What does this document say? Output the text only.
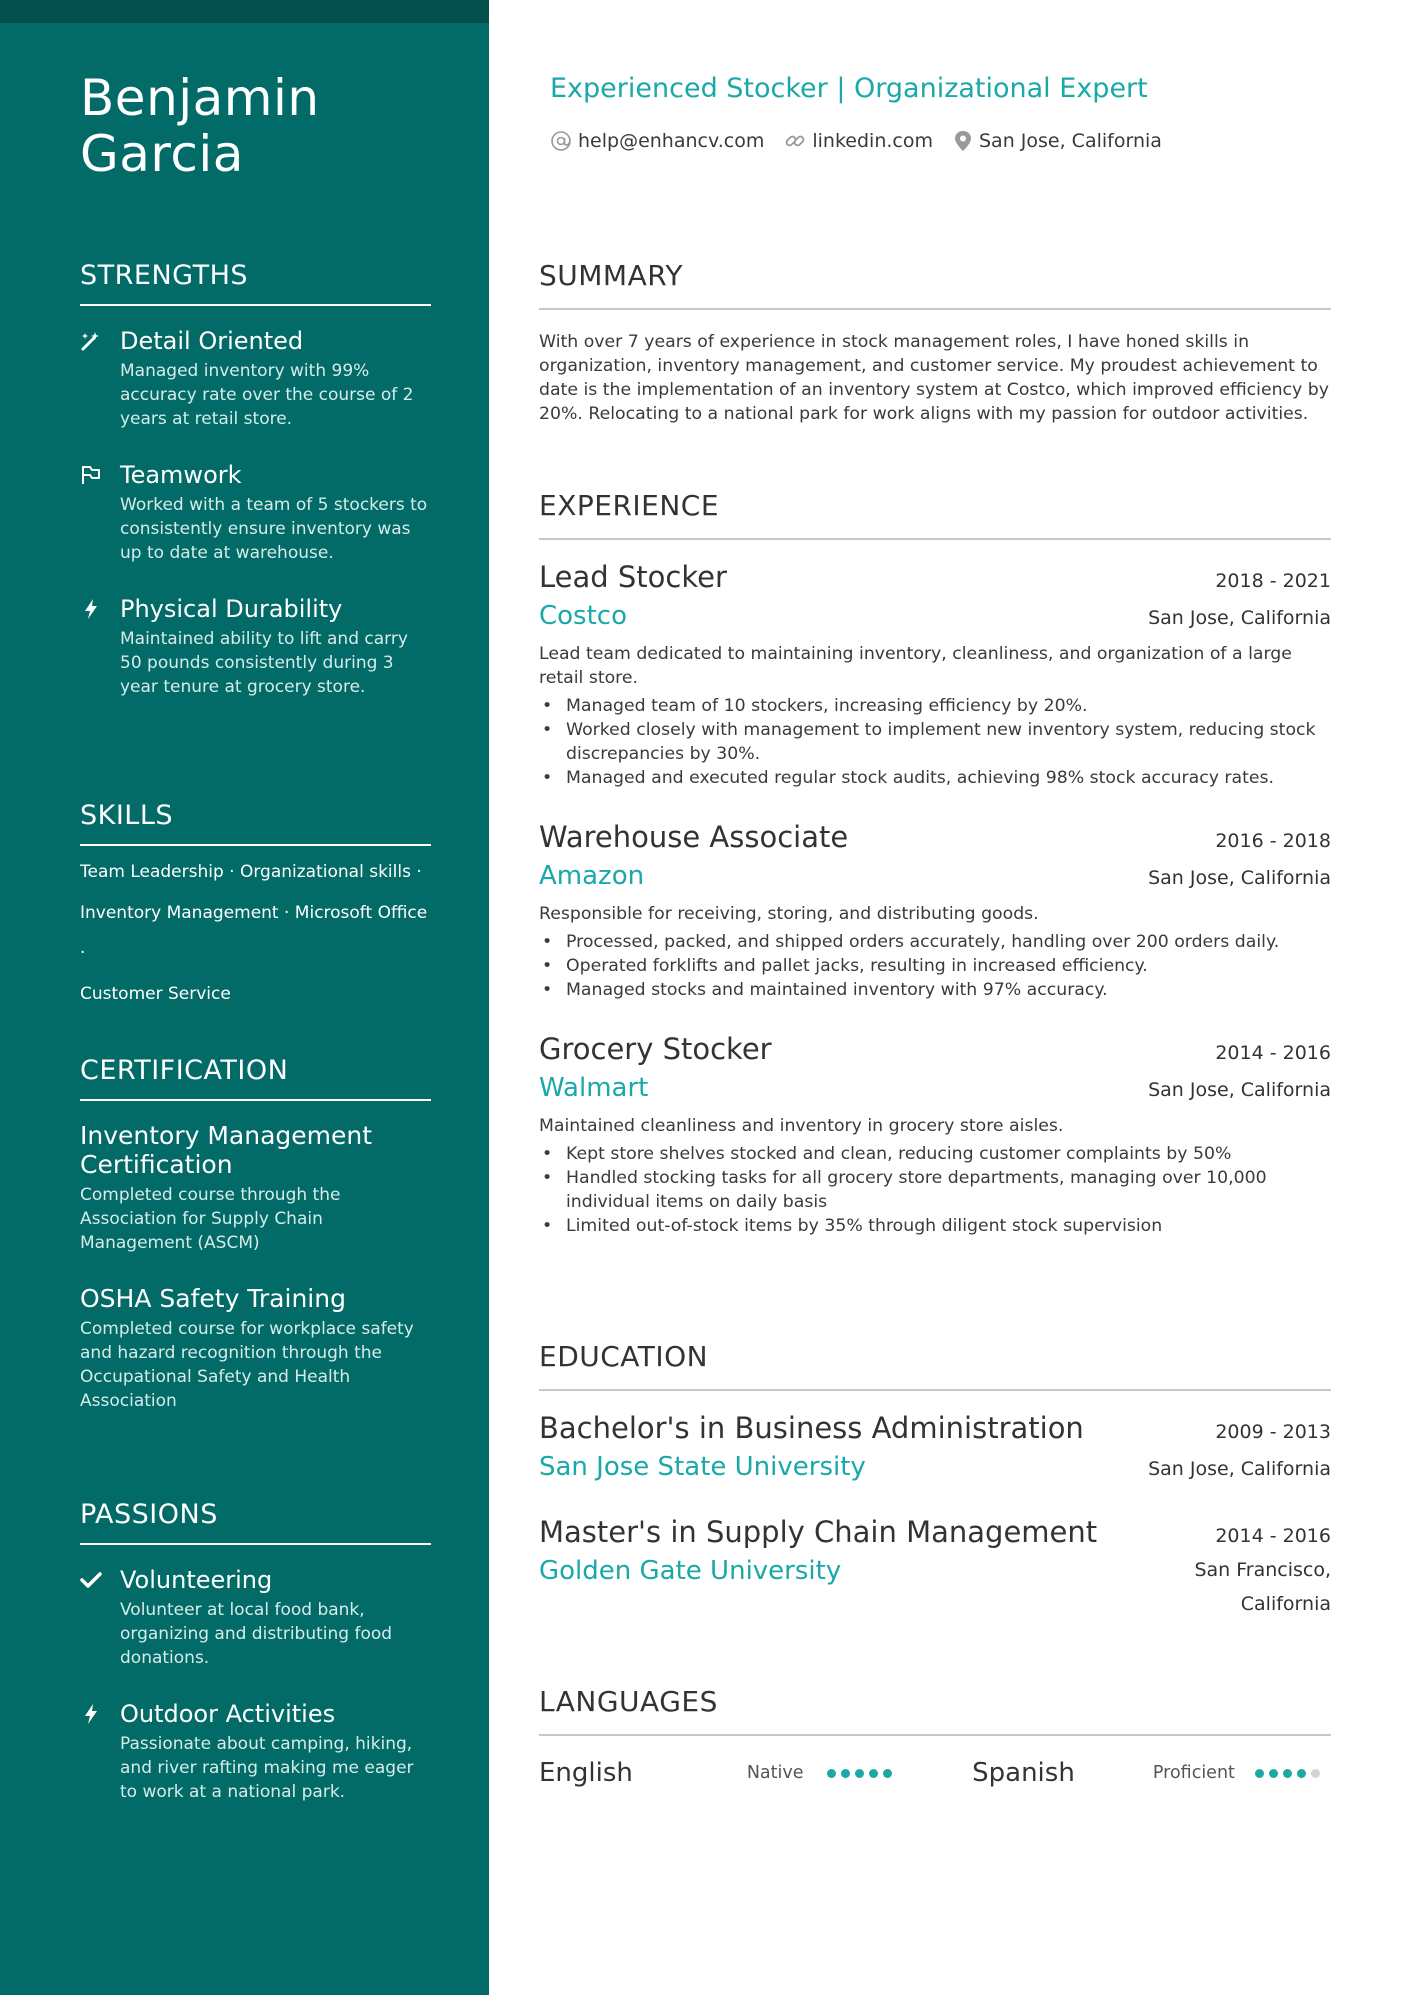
Benjamin
Garcia
STRENGTHS
Detail Oriented
Managed inventory with 99% accuracy rate over the course of 2 years at retail store.
Teamwork
Worked with a team of 5 stockers to consistently ensure inventory was up to date at warehouse.
Physical Durability
Maintained ability to lift and carry 50 pounds consistently during 3 year tenure at grocery store.
SKILLS
Team Leadership · Organizational skills ·
Inventory Management · Microsoft Office ·
Customer Service
CERTIFICATION
Inventory Management Certification
Completed course through the Association for Supply Chain Management (ASCM)
OSHA Safety Training
Completed course for workplace safety and hazard recognition through the Occupational Safety and Health Association
PASSIONS
Volunteering
Volunteer at local food bank, organizing and distributing food donations.
Outdoor Activities
Passionate about camping, hiking, and river rafting making me eager to work at a national park.
Experienced Stocker | Organizational Expert
help@enhancv.com	linkedin.com San Jose, California
SUMMARY
With over 7 years of experience in stock management roles, I have honed skills in organization, inventory management, and customer service. My proudest achievement to date is the implementation of an inventory system at Costco, which improved efficiency by 20%. Relocating to a national park for work aligns with my passion for outdoor activities.
EXPERIENCE
Lead Stocker	2018 - 2021
Costco	San Jose, California
Lead team dedicated to maintaining inventory, cleanliness, and organization of a large retail store.
• Managed team of 10 stockers, increasing efficiency by 20%.
• Worked closely with management to implement new inventory system, reducing stock discrepancies by 30%.
• Managed and executed regular stock audits, achieving 98% stock accuracy rates.
Warehouse Associate	2016 - 2018
Amazon	San Jose, California
Responsible for receiving, storing, and distributing goods.
• Processed, packed, and shipped orders accurately, handling over 200 orders daily.
• Operated forklifts and pallet jacks, resulting in increased efficiency.
• Managed stocks and maintained inventory with 97% accuracy.
Grocery Stocker	2014 - 2016
Walmart	San Jose, California
Maintained cleanliness and inventory in grocery store aisles.
• Kept store shelves stocked and clean, reducing customer complaints by 50%
• Handled stocking tasks for all grocery store departments, managing over 10,000 individual items on daily basis
• Limited out-of-stock items by 35% through diligent stock supervision
EDUCATION
Bachelor's in Business Administration	2009 - 2013
San Jose State University	San Jose, California
Master's in Supply Chain Management	2014 - 2016
Golden Gate University	San Francisco,
California
LANGUAGES
English	Native	Spanish	Proficient
